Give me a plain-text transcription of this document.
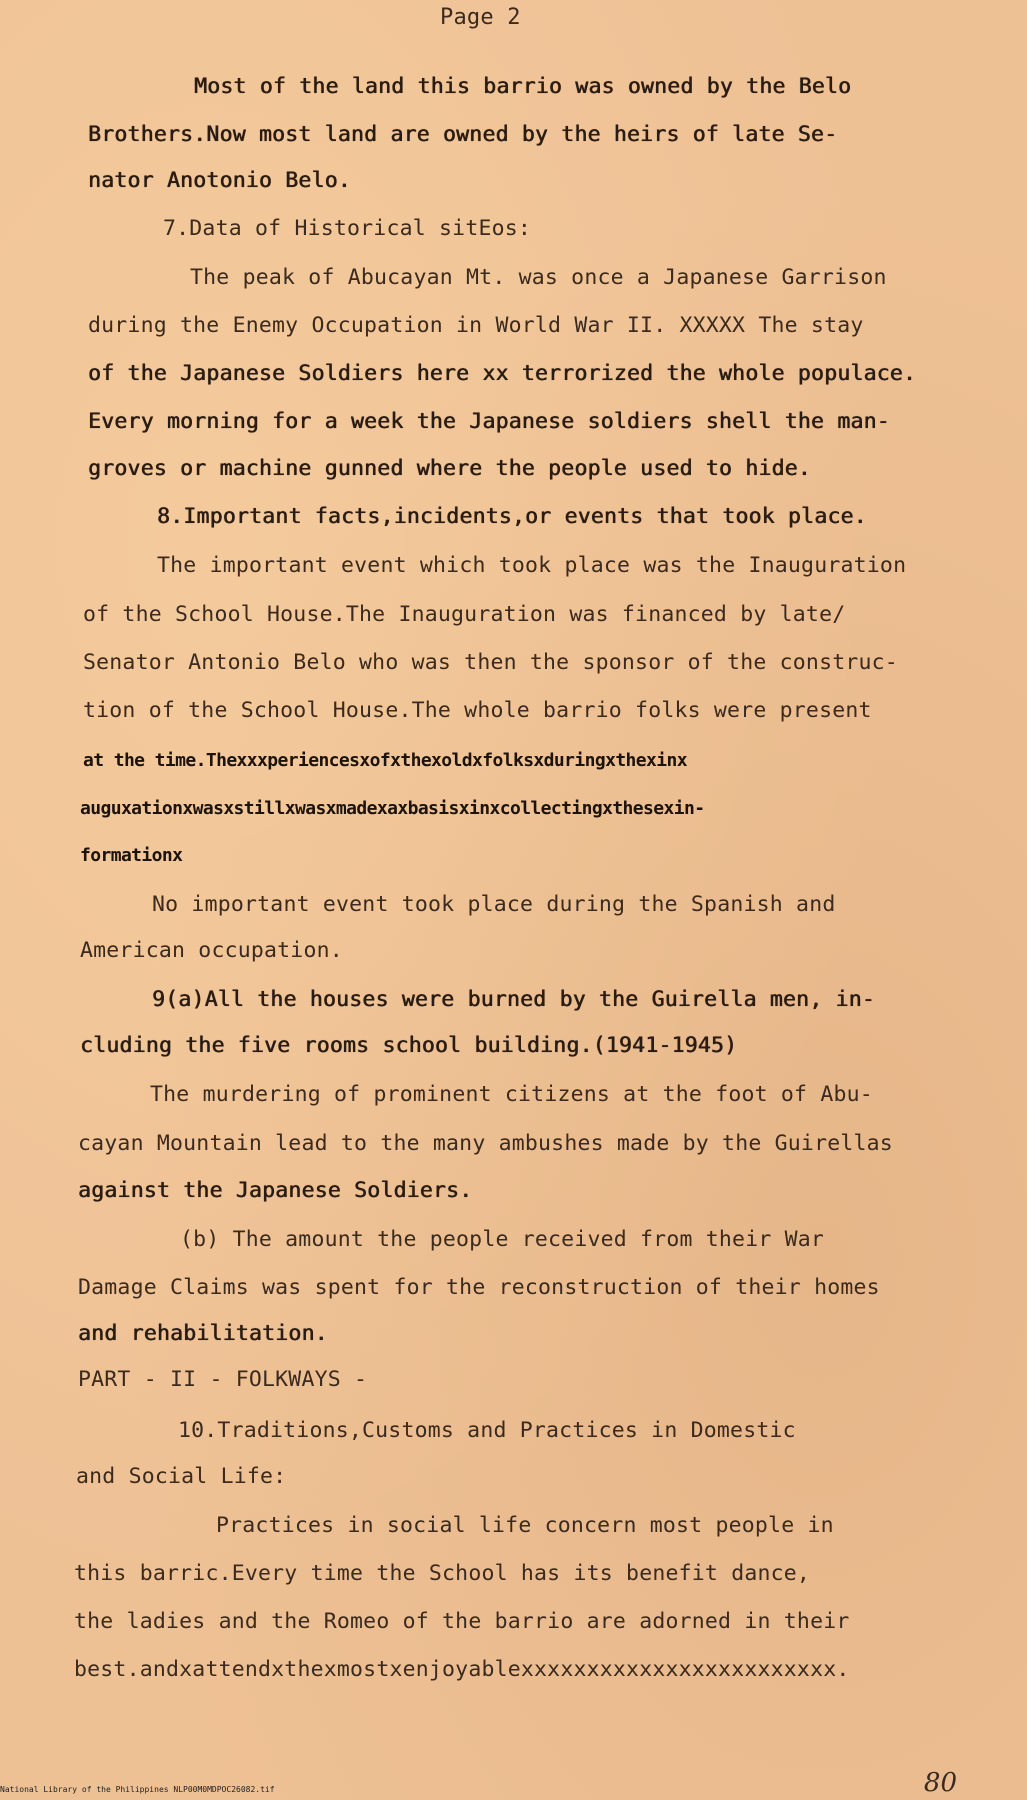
Page 2
Most of the land this barrio was owned by the Belo
Brothers.Now most land are owned by the heirs of late Se-
nator Anotonio Belo.
7.Data of Historical sitEos:
The peak of Abucayan Mt. was once a Japanese Garrison
during the Enemy Occupation in World War II. XXXXX The stay
of the Japanese Soldiers here xx terrorized the whole populace.
Every morning for a week the Japanese soldiers shell the man-
groves or machine gunned where the people used to hide.
8.Important facts,incidents,or events that took place.
The important event which took place was the Inauguration
of the School House.The Inauguration was financed by late/
Senator Antonio Belo who was then the sponsor of the construc-
tion of the School House.The whole barrio folks were present
at the time.Thexxxperiencesxofxthexoldxfolksxduringxthexinx
auguxationxwasxstillxwasxmadexaxbasisxinxcollectingxthesexin-
formationx
No important event took place during the Spanish and
American occupation.
9(a)All the houses were burned by the Guirella men, in-
cluding the five rooms school building.(1941-1945)
The murdering of prominent citizens at the foot of Abu-
cayan Mountain lead to the many ambushes made by the Guirellas
against the Japanese Soldiers.
(b) The amount the people received from their War
Damage Claims was spent for the reconstruction of their homes
and rehabilitation.
PART - II - FOLKWAYS -
10.Traditions,Customs and Practices in Domestic
and Social Life:
Practices in social life concern most people in
this barric.Every time the School has its benefit dance,
the ladies and the Romeo of the barrio are adorned in their
best.andxattendxthexmostxenjoyablexxxxxxxxxxxxxxxxxxxxxxxx.
National Library of the Philippines NLP00M0MDPOC26082.tif	80
